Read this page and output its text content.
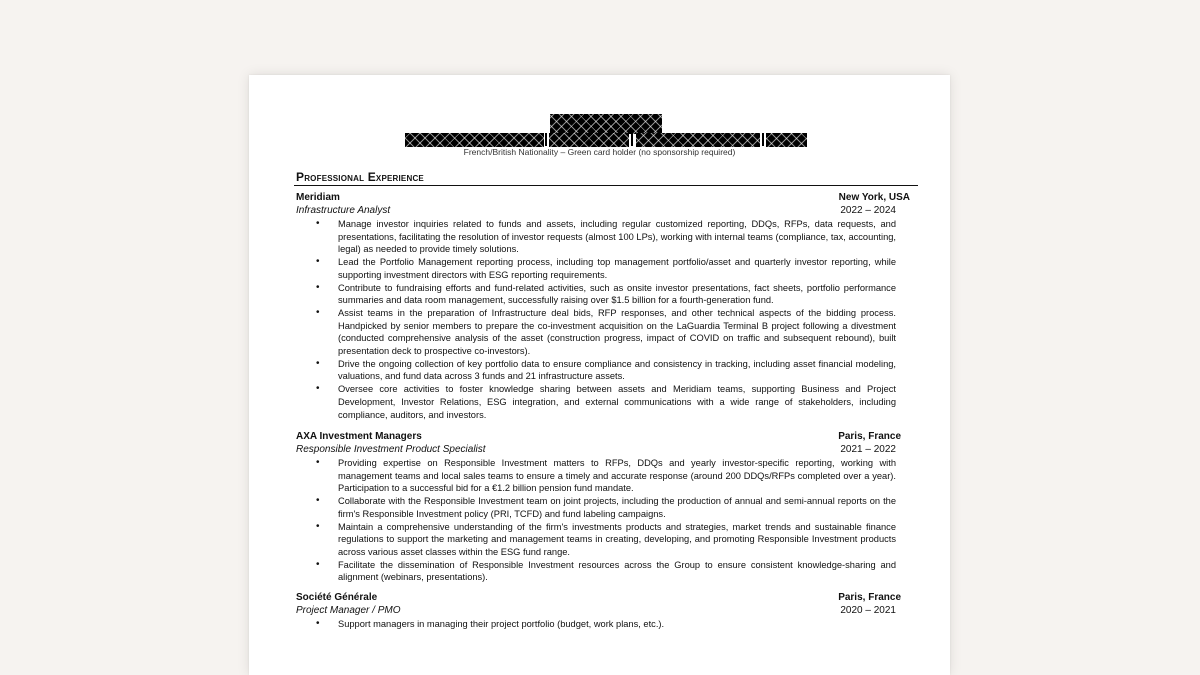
French/British Nationality – Green card holder (no sponsorship required)
Professional Experience
Meridiam	New York, USA
Infrastructure Analyst	2022 – 2024
• Manage investor inquiries related to funds and assets, including regular customized reporting, DDQs, RFPs, data requests, and presentations, facilitating the resolution of investor requests (almost 100 LPs), working with internal teams (compliance, tax, accounting, legal) as needed to provide timely solutions.
• Lead the Portfolio Management reporting process, including top management portfolio/asset and quarterly investor reporting, while supporting investment directors with ESG reporting requirements.
• Contribute to fundraising efforts and fund-related activities, such as onsite investor presentations, fact sheets, portfolio performance summaries and data room management, successfully raising over $1.5 billion for a fourth-generation fund.
• Assist teams in the preparation of Infrastructure deal bids, RFP responses, and other technical aspects of the bidding process. Handpicked by senior members to prepare the co-investment acquisition on the LaGuardia Terminal B project following a divestment (conducted comprehensive analysis of the asset (construction progress, impact of COVID on traffic and subsequent rebound), built presentation deck to prospective co-investors).
• Drive the ongoing collection of key portfolio data to ensure compliance and consistency in tracking, including asset financial modeling, valuations, and fund data across 3 funds and 21 infrastructure assets.
• Oversee core activities to foster knowledge sharing between assets and Meridiam teams, supporting Business and Project Development, Investor Relations, ESG integration, and external communications with a wide range of stakeholders, including compliance, auditors, and investors.
AXA Investment Managers	Paris, France
Responsible Investment Product Specialist	2021 – 2022
• Providing expertise on Responsible Investment matters to RFPs, DDQs and yearly investor-specific reporting, working with management teams and local sales teams to ensure a timely and accurate response (around 200 DDQs/RFPs completed over a year). Participation to a successful bid for a €1.2 billion pension fund mandate.
• Collaborate with the Responsible Investment team on joint projects, including the production of annual and semi-annual reports on the firm's Responsible Investment policy (PRI, TCFD) and fund labeling campaigns.
• Maintain a comprehensive understanding of the firm's investments products and strategies, market trends and sustainable finance regulations to support the marketing and management teams in creating, developing, and promoting Responsible Investment products across various asset classes within the ESG fund range.
• Facilitate the dissemination of Responsible Investment resources across the Group to ensure consistent knowledge-sharing and alignment (webinars, presentations).
Société Générale	Paris, France
Project Manager / PMO	2020 – 2021
• Support managers in managing their project portfolio (budget, work plans, etc.).
